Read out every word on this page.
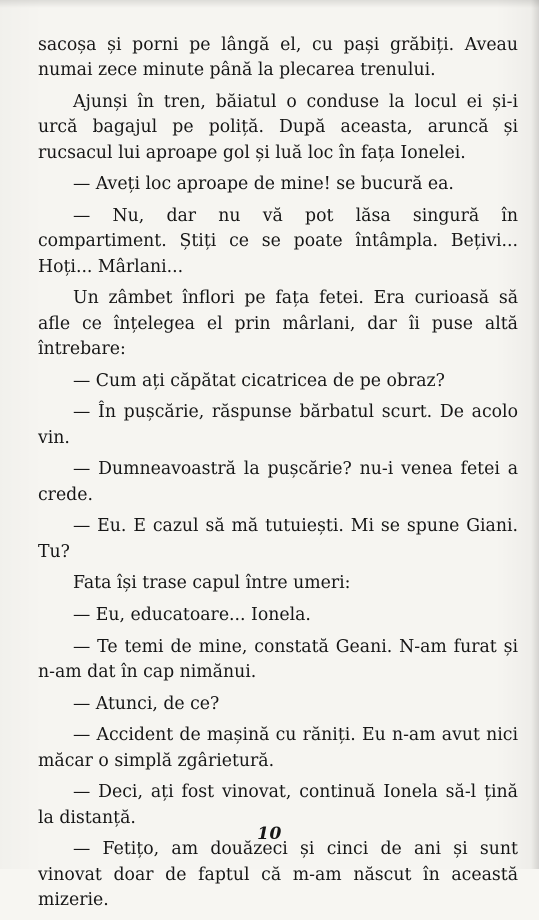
sacoșa și porni pe lângă el, cu pași grăbiți. Aveau numai zece minute până la plecarea trenului.

Ajunși în tren, băiatul o conduse la locul ei și-i urcă bagajul pe poliță. După aceasta, aruncă și rucsacul lui aproape gol și luă loc în fața Ionelei.

— Aveți loc aproape de mine! se bucură ea.

— Nu, dar nu vă pot lăsa singură în compartiment. Știți ce se poate întâmpla. Bețivi... Hoți... Mârlani...

Un zâmbet înflori pe fața fetei. Era curioasă să afle ce înțelegea el prin mârlani, dar îi puse altă întrebare:

— Cum ați căpătat cicatricea de pe obraz?

— În pușcărie, răspunse bărbatul scurt. De acolo vin.

— Dumneavoastră la pușcărie? nu-i venea fetei a crede.

— Eu. E cazul să mă tutuiești. Mi se spune Giani. Tu?

Fata își trase capul între umeri:

— Eu, educatoare... Ionela.

— Te temi de mine, constată Geani. N-am furat și n-am dat în cap nimănui.

— Atunci, de ce?

— Accident de mașină cu răniți. Eu n-am avut nici măcar o simplă zgârietură.

— Deci, ați fost vinovat, continuă Ionela să-l țină la distanță.

— Fetițo, am douăzeci și cinci de ani și sunt vinovat doar de faptul că m-am născut în această mizerie.

10
